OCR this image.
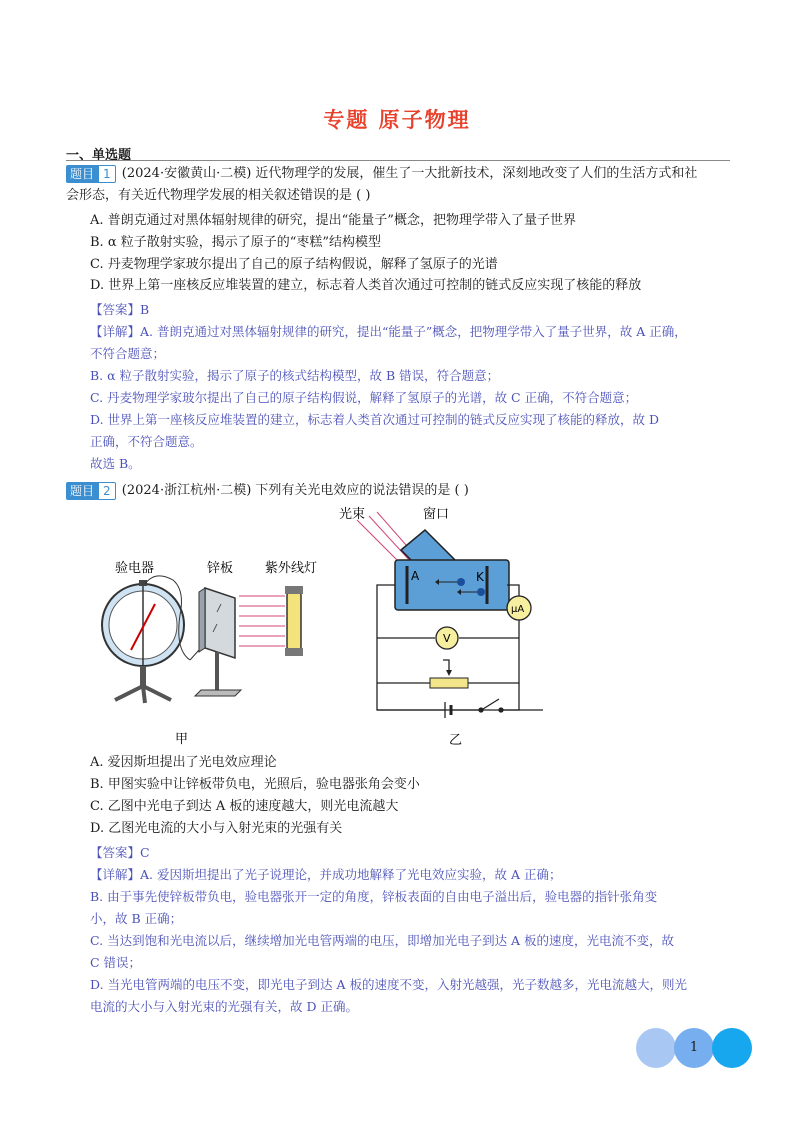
专题 原子物理
一、单选题
题目 1 (2024·安徽黄山·二模) 近代物理学的发展，催生了一大批新技术，深刻地改变了人们的生活方式和社
会形态，有关近代物理学发展的相关叙述错误的是 ( )
A. 普朗克通过对黑体辐射规律的研究，提出“能量子”概念，把物理学带入了量子世界
B. α 粒子散射实验，揭示了原子的“枣糕”结构模型
C. 丹麦物理学家玻尔提出了自己的原子结构假说，解释了氢原子的光谱
D. 世界上第一座核反应堆装置的建立，标志着人类首次通过可控制的链式反应实现了核能的释放
【答案】B
【详解】A. 普朗克通过对黑体辐射规律的研究，提出“能量子”概念，把物理学带入了量子世界，故 A 正确，
不符合题意；
B. α 粒子散射实验，揭示了原子的核式结构模型，故 B 错误，符合题意；
C. 丹麦物理学家玻尔提出了自己的原子结构假说，解释了氢原子的光谱，故 C 正确，不符合题意；
D. 世界上第一座核反应堆装置的建立，标志着人类首次通过可控制的链式反应实现了核能的释放，故 D
正确，不符合题意。
故选 B。
题目 2 (2024·浙江杭州·二模) 下列有关光电效应的说法错误的是 ( )
验电器	锌板 紫外线灯
甲
光束	窗口
A	K
μA
V
乙
A. 爱因斯坦提出了光电效应理论
B. 甲图实验中让锌板带负电，光照后，验电器张角会变小
C. 乙图中光电子到达 A 板的速度越大，则光电流越大
D. 乙图光电流的大小与入射光束的光强有关
【答案】C
【详解】A. 爱因斯坦提出了光子说理论，并成功地解释了光电效应实验，故 A 正确；
B. 由于事先使锌板带负电，验电器张开一定的角度，锌板表面的自由电子溢出后，验电器的指针张角变
小，故 B 正确；
C. 当达到饱和光电流以后，继续增加光电管两端的电压，即增加光电子到达 A 板的速度，光电流不变，故
C 错误；
D. 当光电管两端的电压不变，即光电子到达 A 板的速度不变，入射光越强，光子数越多，光电流越大，则光
电流的大小与入射光束的光强有关，故 D 正确。
1
